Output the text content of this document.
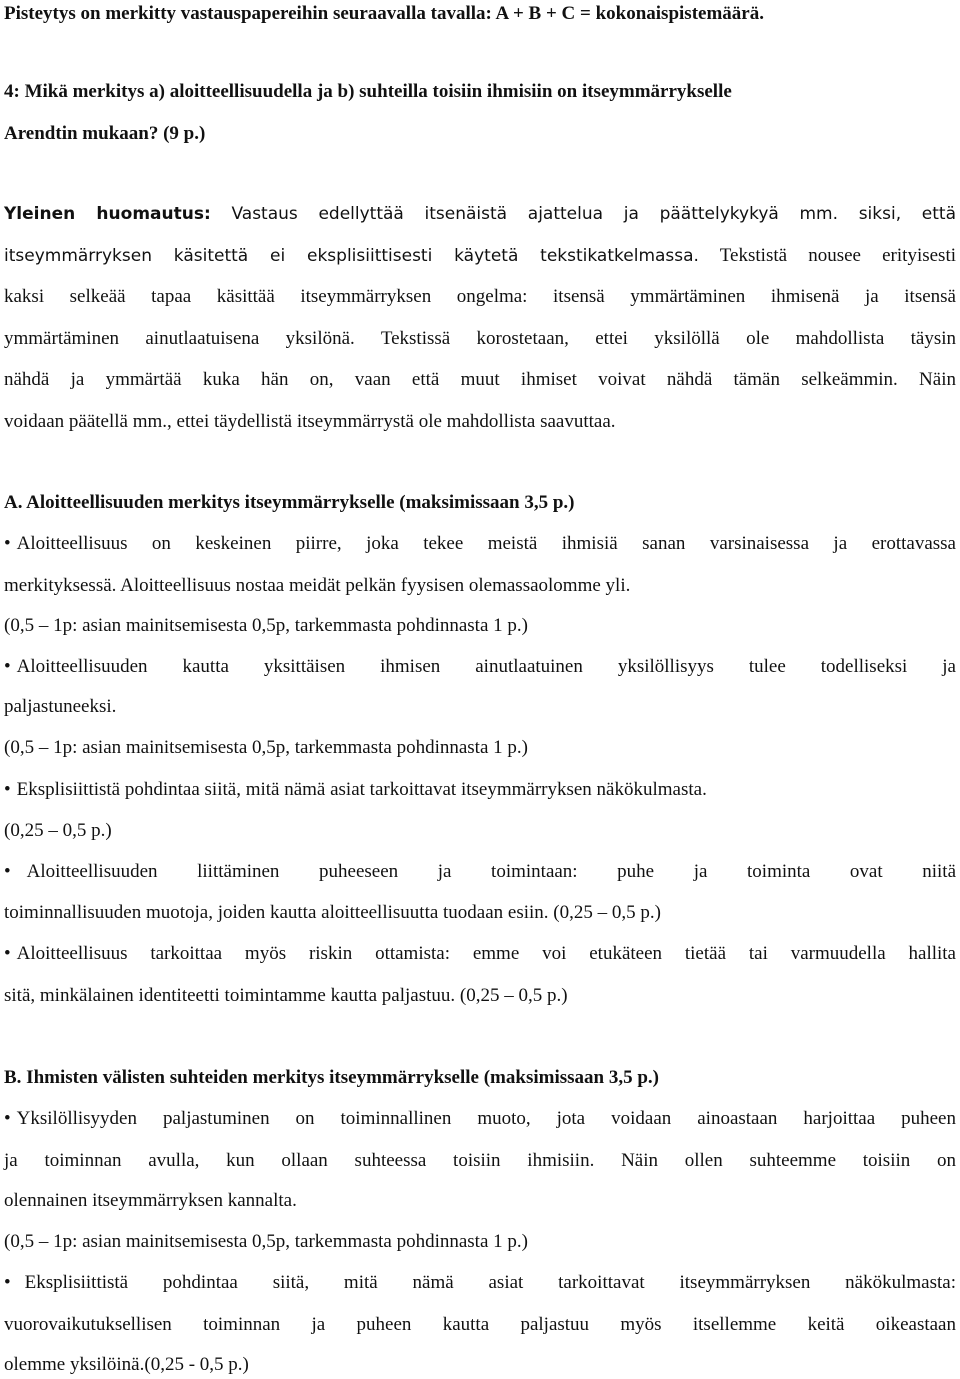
Pisteytys on merkitty vastauspapereihin seuraavalla tavalla: A + B + C = kokonaispistemäärä.
4: Mikä merkitys a) aloitteellisuudella ja b) suhteilla toisiin ihmisiin on itseymmärrykselle
Arendtin mukaan? (9 p.)
Yleinen huomautus: Vastaus edellyttää itsenäistä ajattelua ja päättelykykyä mm. siksi, että
itseymmärryksen käsitettä ei eksplisiittisesti käytetä tekstikatkelmassa. Tekstistä nousee erityisesti
kaksi selkeää tapaa käsittää itseymmärryksen ongelma: itsensä ymmärtäminen ihmisenä ja itsensä
ymmärtäminen ainutlaatuisena yksilönä. Tekstissä korostetaan, ettei yksilöllä ole mahdollista täysin
nähdä ja ymmärtää kuka hän on, vaan että muut ihmiset voivat nähdä tämän selkeämmin. Näin
voidaan päätellä mm., ettei täydellistä itseymmärrystä ole mahdollista saavuttaa.
A. Aloitteellisuuden merkitys itseymmärrykselle (maksimissaan 3,5 p.)
• Aloitteellisuus on keskeinen piirre, joka tekee meistä ihmisiä sanan varsinaisessa ja erottavassa
merkityksessä. Aloitteellisuus nostaa meidät pelkän fyysisen olemassaolomme yli.
(0,5 – 1p: asian mainitsemisesta 0,5p, tarkemmasta pohdinnasta 1 p.)
• Aloitteellisuuden kautta yksittäisen ihmisen ainutlaatuinen yksilöllisyys tulee todelliseksi ja
paljastuneeksi.
(0,5 – 1p: asian mainitsemisesta 0,5p, tarkemmasta pohdinnasta 1 p.)
• Eksplisiittistä pohdintaa siitä, mitä nämä asiat tarkoittavat itseymmärryksen näkökulmasta.
(0,25 – 0,5 p.)
• Aloitteellisuuden liittäminen puheeseen ja toimintaan: puhe ja toiminta ovat niitä
toiminnallisuuden muotoja, joiden kautta aloitteellisuutta tuodaan esiin. (0,25 – 0,5 p.)
• Aloitteellisuus tarkoittaa myös riskin ottamista: emme voi etukäteen tietää tai varmuudella hallita
sitä, minkälainen identiteetti toimintamme kautta paljastuu. (0,25 – 0,5 p.)
B. Ihmisten välisten suhteiden merkitys itseymmärrykselle (maksimissaan 3,5 p.)
• Yksilöllisyyden paljastuminen on toiminnallinen muoto, jota voidaan ainoastaan harjoittaa puheen
ja toiminnan avulla, kun ollaan suhteessa toisiin ihmisiin. Näin ollen suhteemme toisiin on
olennainen itseymmärryksen kannalta.
(0,5 – 1p: asian mainitsemisesta 0,5p, tarkemmasta pohdinnasta 1 p.)
• Eksplisiittistä pohdintaa siitä, mitä nämä asiat tarkoittavat itseymmärryksen näkökulmasta:
vuorovaikutuksellisen toiminnan ja puheen kautta paljastuu myös itsellemme keitä oikeastaan
olemme yksilöinä.(0,25 - 0,5 p.)
